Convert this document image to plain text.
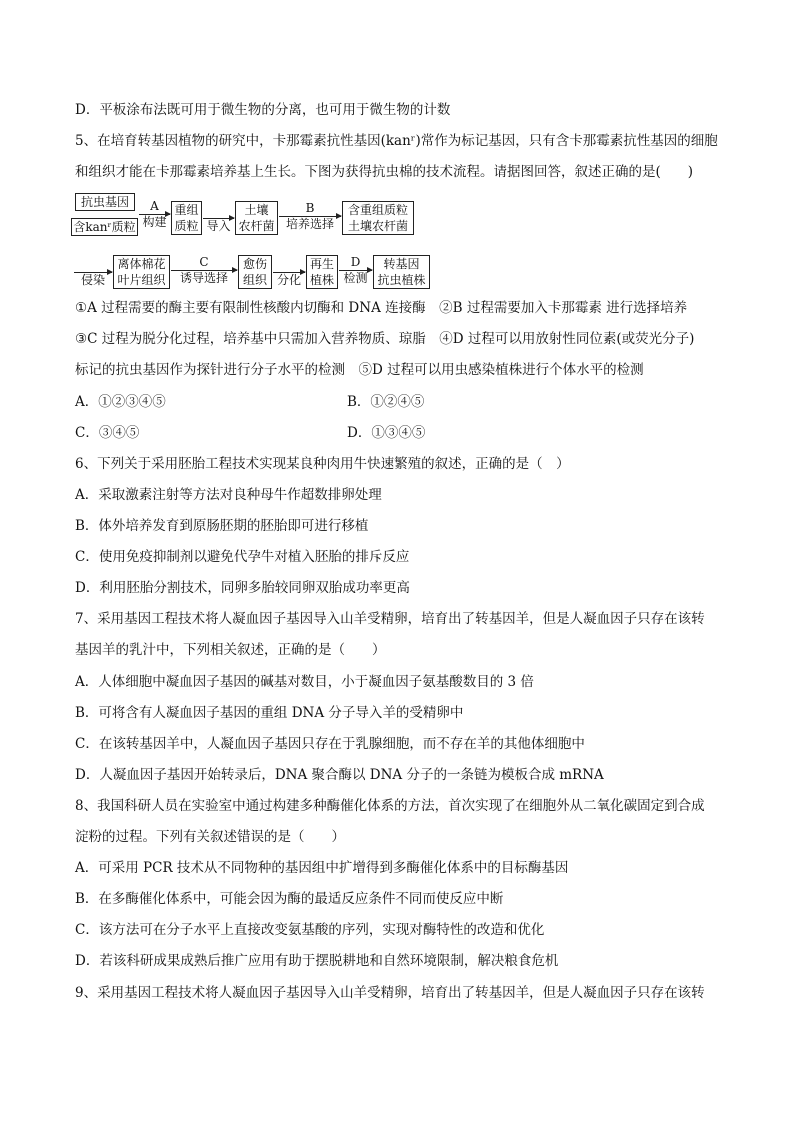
D．平板涂布法既可用于微生物的分离，也可用于微生物的计数
5、在培育转基因植物的研究中，卡那霉素抗性基因(kanʳ)常作为标记基因，只有含卡那霉素抗性基因的细胞
和组织才能在卡那霉素培养基上生长。下图为获得抗虫棉的技术流程。请据图回答，叙述正确的是(　　)
抗虫基因
含kanʳ质粒
A
构建
重组
质粒 导入
土壤
农杆菌
B
培养选择
含重组质粒
土壤农杆菌
侵染
离体棉花
叶片组织
C
诱导选择
愈伤
组织 分化
再生
植株
D
检测
转基因
抗虫植株
①A 过程需要的酶主要有限制性核酸内切酶和 DNA 连接酶　②B 过程需要加入卡那霉素 进行选择培养
③C 过程为脱分化过程，培养基中只需加入营养物质、琼脂　④D 过程可以用放射性同位素(或荧光分子)
标记的抗虫基因作为探针进行分子水平的检测　⑤D 过程可以用虫感染植株进行个体水平的检测
A．①②③④⑤	B．①②④⑤
C．③④⑤	D．①③④⑤
6、下列关于采用胚胎工程技术实现某良种肉用牛快速繁殖的叙述，正确的是（　）
A．采取激素注射等方法对良种母牛作超数排卵处理
B．体外培养发育到原肠胚期的胚胎即可进行移植
C．使用免疫抑制剂以避免代孕牛对植入胚胎的排斥反应
D．利用胚胎分割技术，同卵多胎较同卵双胎成功率更高
7、采用基因工程技术将人凝血因子基因导入山羊受精卵，培育出了转基因羊，但是人凝血因子只存在该转
基因羊的乳汁中，下列相关叙述，正确的是（　　）
A．人体细胞中凝血因子基因的碱基对数目，小于凝血因子氨基酸数目的 3 倍
B．可将含有人凝血因子基因的重组 DNA 分子导入羊的受精卵中
C．在该转基因羊中，人凝血因子基因只存在于乳腺细胞，而不存在羊的其他体细胞中
D．人凝血因子基因开始转录后，DNA 聚合酶以 DNA 分子的一条链为模板合成 mRNA
8、我国科研人员在实验室中通过构建多种酶催化体系的方法，首次实现了在细胞外从二氧化碳固定到合成
淀粉的过程。下列有关叙述错误的是（　　）
A．可采用 PCR 技术从不同物种的基因组中扩增得到多酶催化体系中的目标酶基因
B．在多酶催化体系中，可能会因为酶的最适反应条件不同而使反应中断
C．该方法可在分子水平上直接改变氨基酸的序列，实现对酶特性的改造和优化
D．若该科研成果成熟后推广应用有助于摆脱耕地和自然环境限制，解决粮食危机
9、采用基因工程技术将人凝血因子基因导入山羊受精卵，培育出了转基因羊，但是人凝血因子只存在该转
